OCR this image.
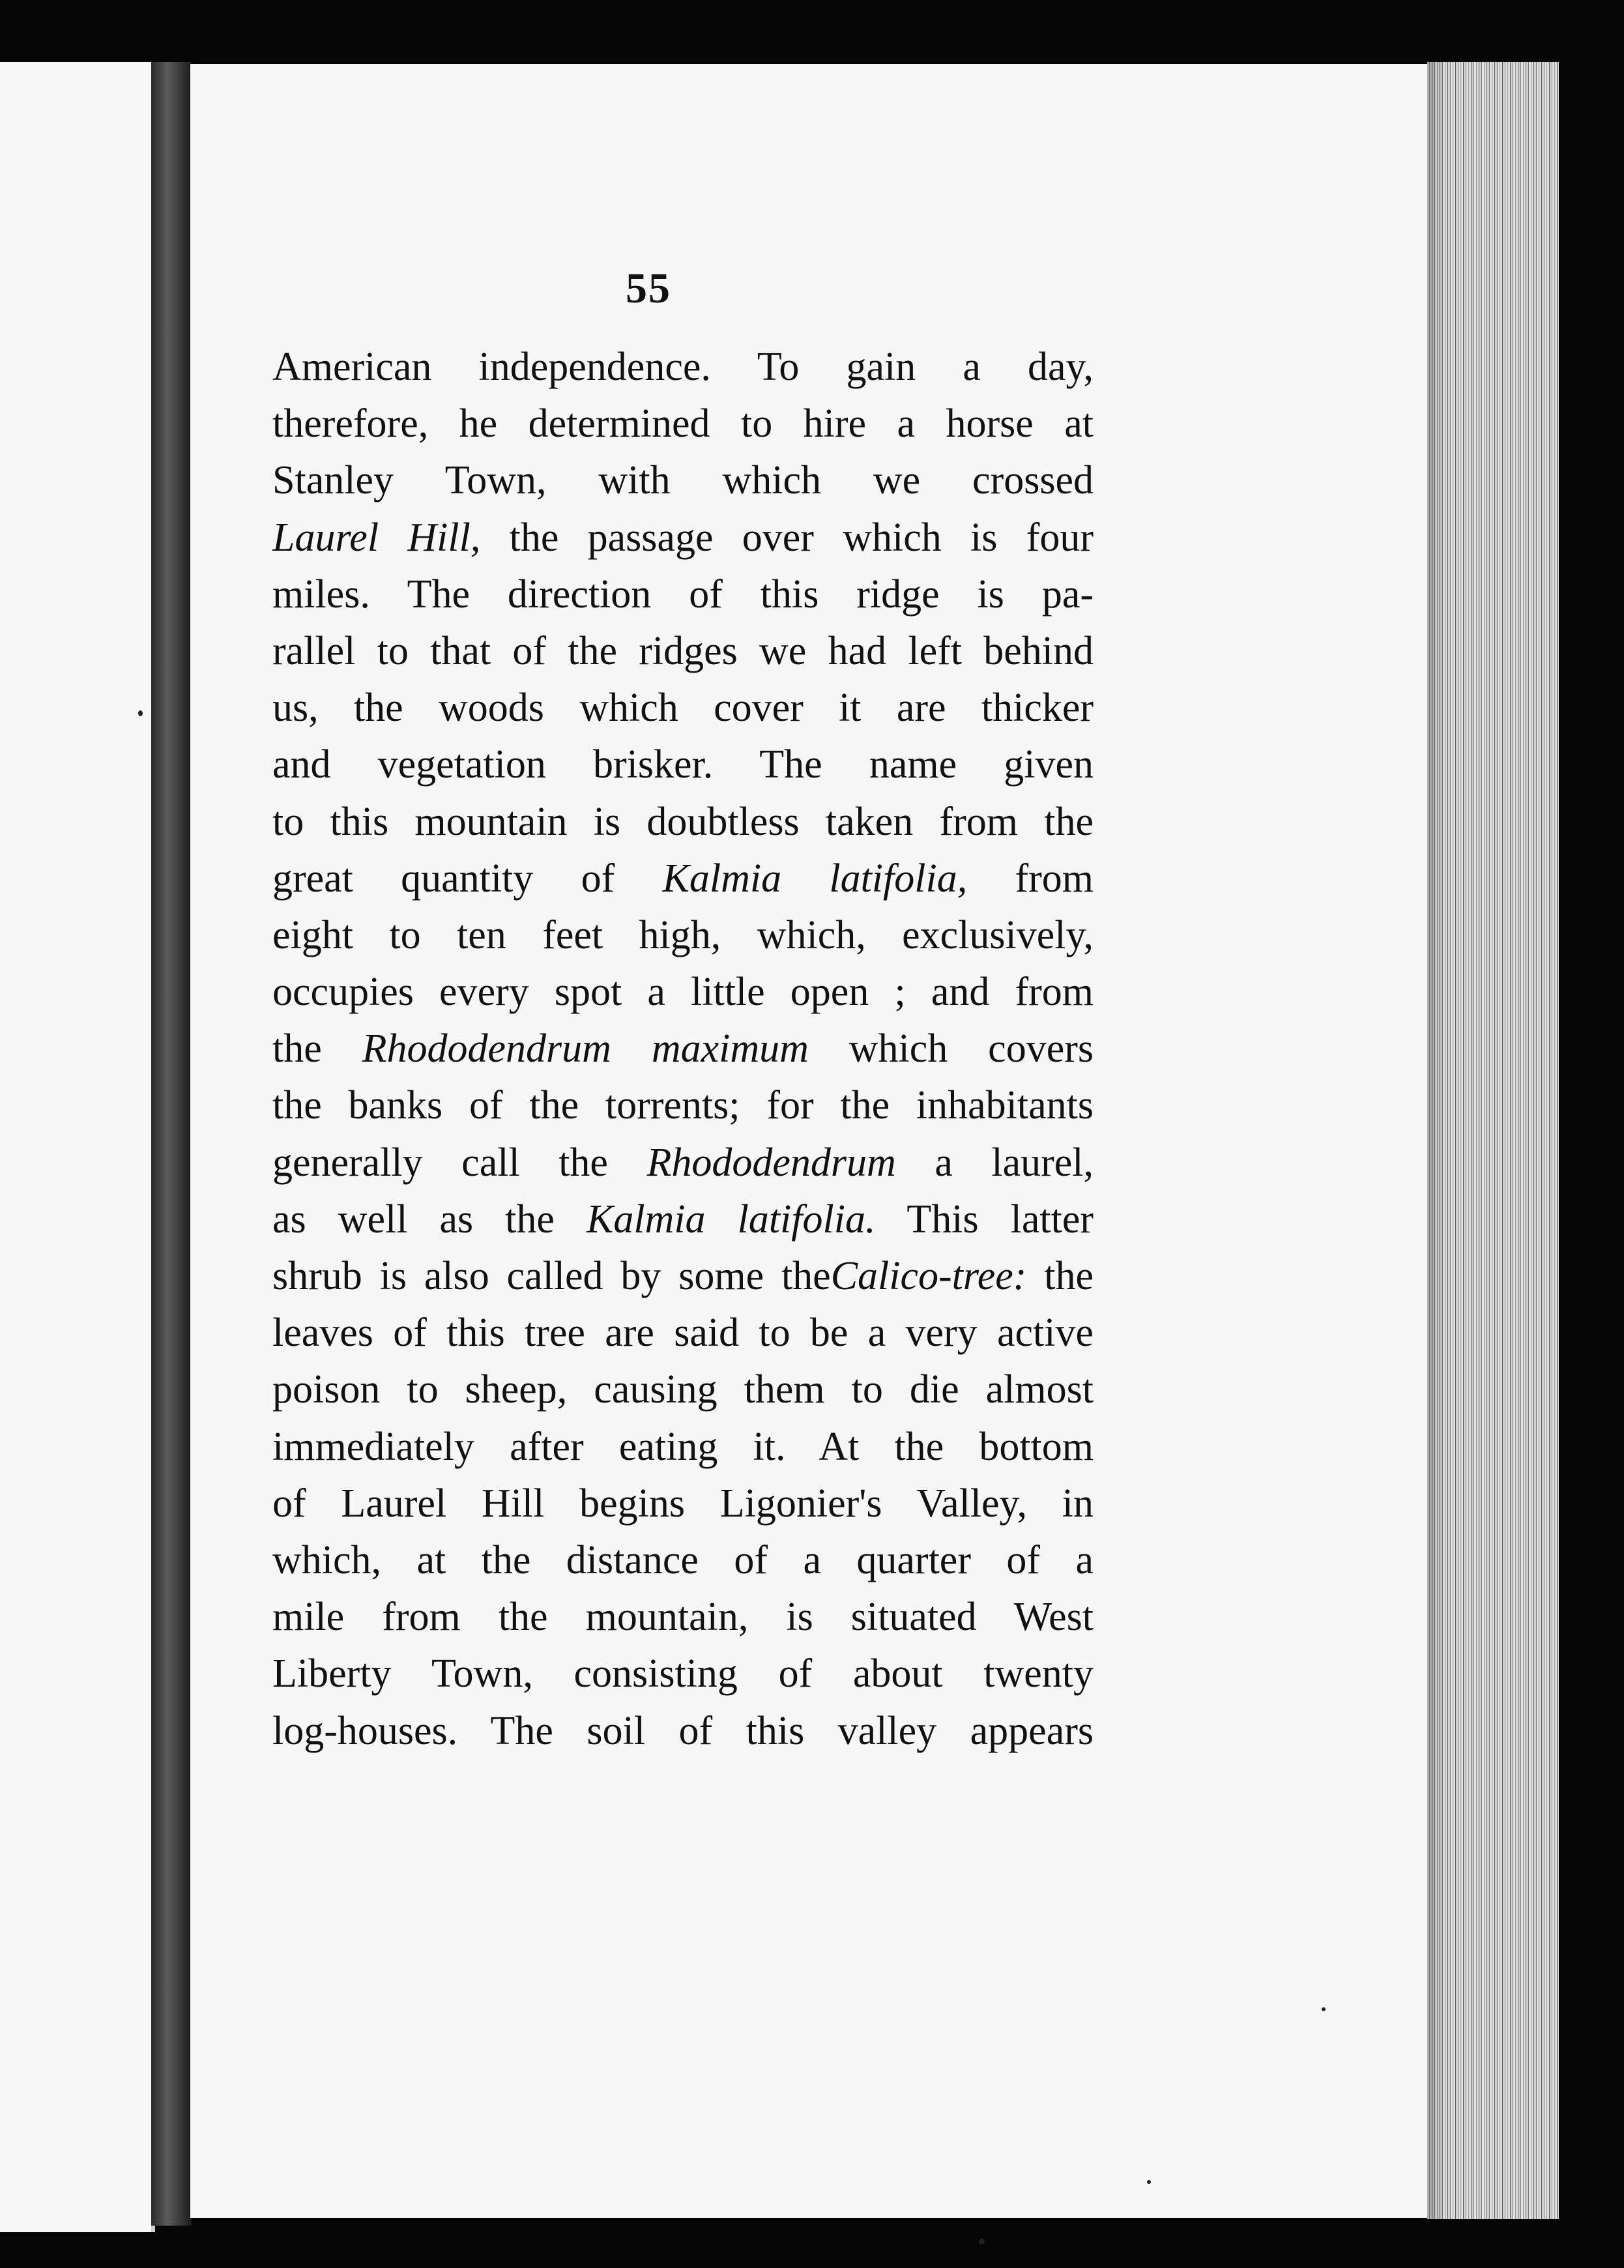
55
American independence. To gain a day,
therefore, he determined to hire a horse at
Stanley Town, with which we crossed
Laurel Hill, the passage over which is four
miles. The direction of this ridge is pa-
rallel to that of the ridges we had left behind
us, the woods which cover it are thicker
and vegetation brisker. The name given
to this mountain is doubtless taken from the
great quantity of Kalmia latifolia, from
eight to ten feet high, which, exclusively,
occupies every spot a little open ; and from
the Rhododendrum maximum which covers
the banks of the torrents; for the inhabitants
generally call the Rhododendrum a laurel,
as well as the Kalmia latifolia. This latter
shrub is also called by some theCalico-tree: the
leaves of this tree are said to be a very active
poison to sheep, causing them to die almost
immediately after eating it. At the bottom
of Laurel Hill begins Ligonier's Valley, in
which, at the distance of a quarter of a
mile from the mountain, is situated West
Liberty Town, consisting of about twenty
log-houses. The soil of this valley appears
